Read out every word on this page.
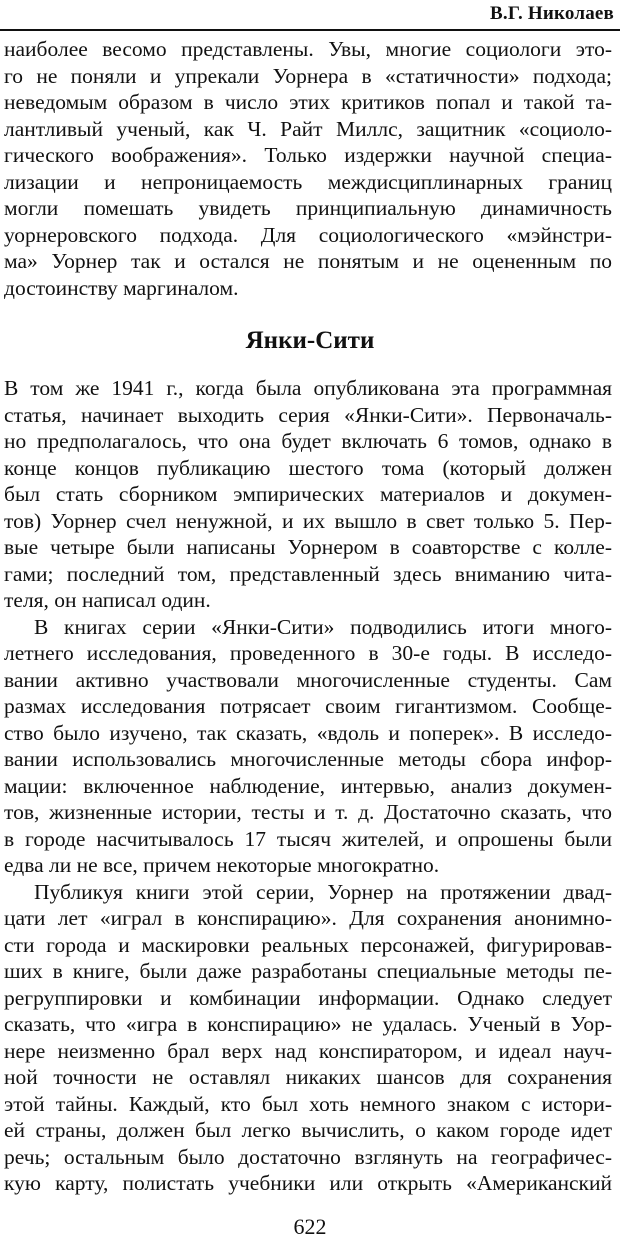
В.Г. Николаев
наиболее весомо представлены. Увы, многие социологи это-
го не поняли и упрекали Уорнера в «статичности» подхода;
неведомым образом в число этих критиков попал и такой та-
лантливый ученый, как Ч. Райт Миллс, защитник «социоло-
гического воображения». Только издержки научной специа-
лизации и непроницаемость междисциплинарных границ
могли помешать увидеть принципиальную динамичность
уорнеровского подхода. Для социологического «мэйнстри-
ма» Уорнер так и остался не понятым и не оцененным по
достоинству маргиналом.
Янки-Сити
В том же 1941 г., когда была опубликована эта программная
статья, начинает выходить серия «Янки-Сити». Первоначаль-
но предполагалось, что она будет включать 6 томов, однако в
конце концов публикацию шестого тома (который должен
был стать сборником эмпирических материалов и докумен-
тов) Уорнер счел ненужной, и их вышло в свет только 5. Пер-
вые четыре были написаны Уорнером в соавторстве с колле-
гами; последний том, представленный здесь вниманию чита-
теля, он написал один.
В книгах серии «Янки-Сити» подводились итоги много-
летнего исследования, проведенного в 30-е годы. В исследо-
вании активно участвовали многочисленные студенты. Сам
размах исследования потрясает своим гигантизмом. Сообще-
ство было изучено, так сказать, «вдоль и поперек». В исследо-
вании использовались многочисленные методы сбора инфор-
мации: включенное наблюдение, интервью, анализ докумен-
тов, жизненные истории, тесты и т. д. Достаточно сказать, что
в городе насчитывалось 17 тысяч жителей, и опрошены были
едва ли не все, причем некоторые многократно.
Публикуя книги этой серии, Уорнер на протяжении двад-
цати лет «играл в конспирацию». Для сохранения анонимно-
сти города и маскировки реальных персонажей, фигурировав-
ших в книге, были даже разработаны специальные методы пе-
регруппировки и комбинации информации. Однако следует
сказать, что «игра в конспирацию» не удалась. Ученый в Уор-
нере неизменно брал верх над конспиратором, и идеал науч-
ной точности не оставлял никаких шансов для сохранения
этой тайны. Каждый, кто был хоть немного знаком с истори-
ей страны, должен был легко вычислить, о каком городе идет
речь; остальным было достаточно взглянуть на географичес-
кую карту, полистать учебники или открыть «Американский
622
